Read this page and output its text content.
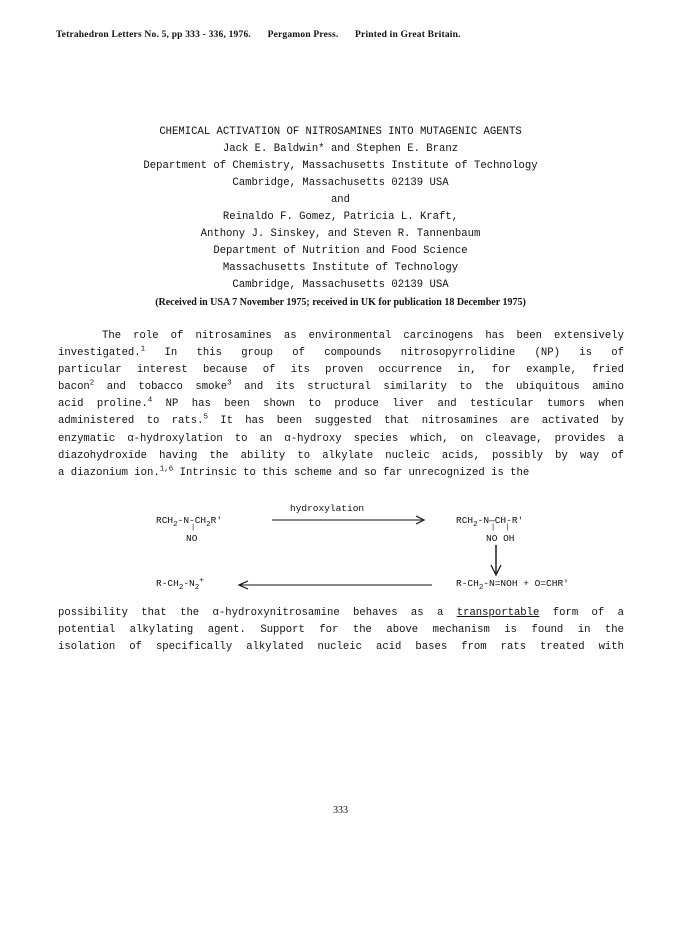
Tetrahedron Letters No. 5, pp 333 - 336, 1976. Pergamon Press. Printed in Great Britain.
CHEMICAL ACTIVATION OF NITROSAMINES INTO MUTAGENIC AGENTS
Jack E. Baldwin* and Stephen E. Branz
Department of Chemistry, Massachusetts Institute of Technology
Cambridge, Massachusetts 02139 USA
and
Reinaldo F. Gomez, Patricia L. Kraft,
Anthony J. Sinskey, and Steven R. Tannenbaum
Department of Nutrition and Food Science
Massachusetts Institute of Technology
Cambridge, Massachusetts 02139 USA
(Received in USA 7 November 1975; received in UK for publication 18 December 1975)
The role of nitrosamines as environmental carcinogens has been extensively
investigated.$^1$ In this group of compounds nitrosopyrrolidine (NP) is of
particular interest because of its proven occurrence in, for example, fried
bacon$^2$ and tobacco smoke$^3$ and its structural similarity to the ubiquitous amino
acid proline.$^4$ NP has been shown to produce liver and testicular tumors when
administered to rats.$^5$ It has been suggested that nitrosamines are activated by
enzymatic α-hydroxylation to an α-hydroxy species which, on cleavage, provides a
diazohydroxide having the ability to alkylate nucleic acids, possibly by way of
a diazonium ion.$^{1,6}$ Intrinsic to this scheme and so far unrecognized is the
hydroxylation
$RCH_2-N-CH_2R'$
|
NO
$RCH_2-N—CH-R'$
||
NO OH
$R-CH_2-N_2^+$	$R-CH_2-N=NOH + O=CHR'$
possibility that the α-hydroxynitrosamine behaves as a transportable form of a
potential alkylating agent. Support for the above mechanism is found in the
isolation of specifically alkylated nucleic acid bases from rats treated with
333
